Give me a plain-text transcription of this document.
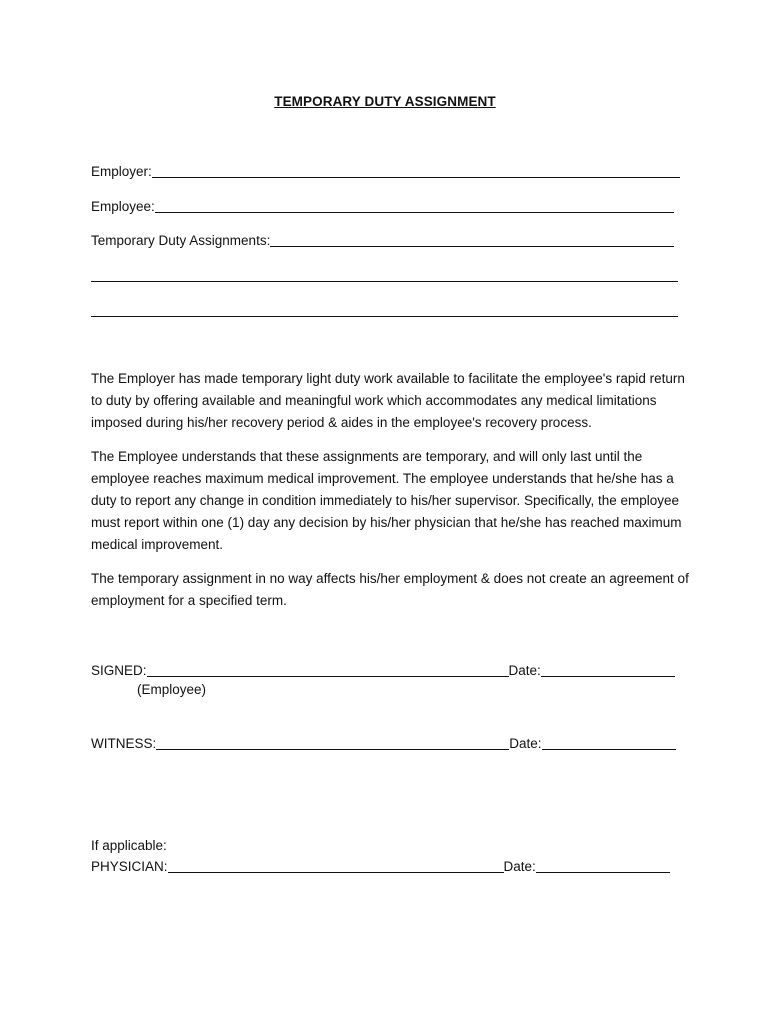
TEMPORARY DUTY ASSIGNMENT
Employer:
Employee:
Temporary Duty Assignments:

The Employer has made temporary light duty work available to facilitate the employee's rapid return to duty by offering available and meaningful work which accommodates any medical limitations imposed during his/her recovery period & aides in the employee's recovery process.

The Employee understands that these assignments are temporary, and will only last until the employee reaches maximum medical improvement. The employee understands that he/she has a duty to report any change in condition immediately to his/her supervisor. Specifically, the employee must report within one (1) day any decision by his/her physician that he/she has reached maximum medical improvement.

The temporary assignment in no way affects his/her employment & does not create an agreement of employment for a specified term.

SIGNED:	Date:
(Employee)
WITNESS:	Date:
If applicable:
PHYSICIAN:	Date:
